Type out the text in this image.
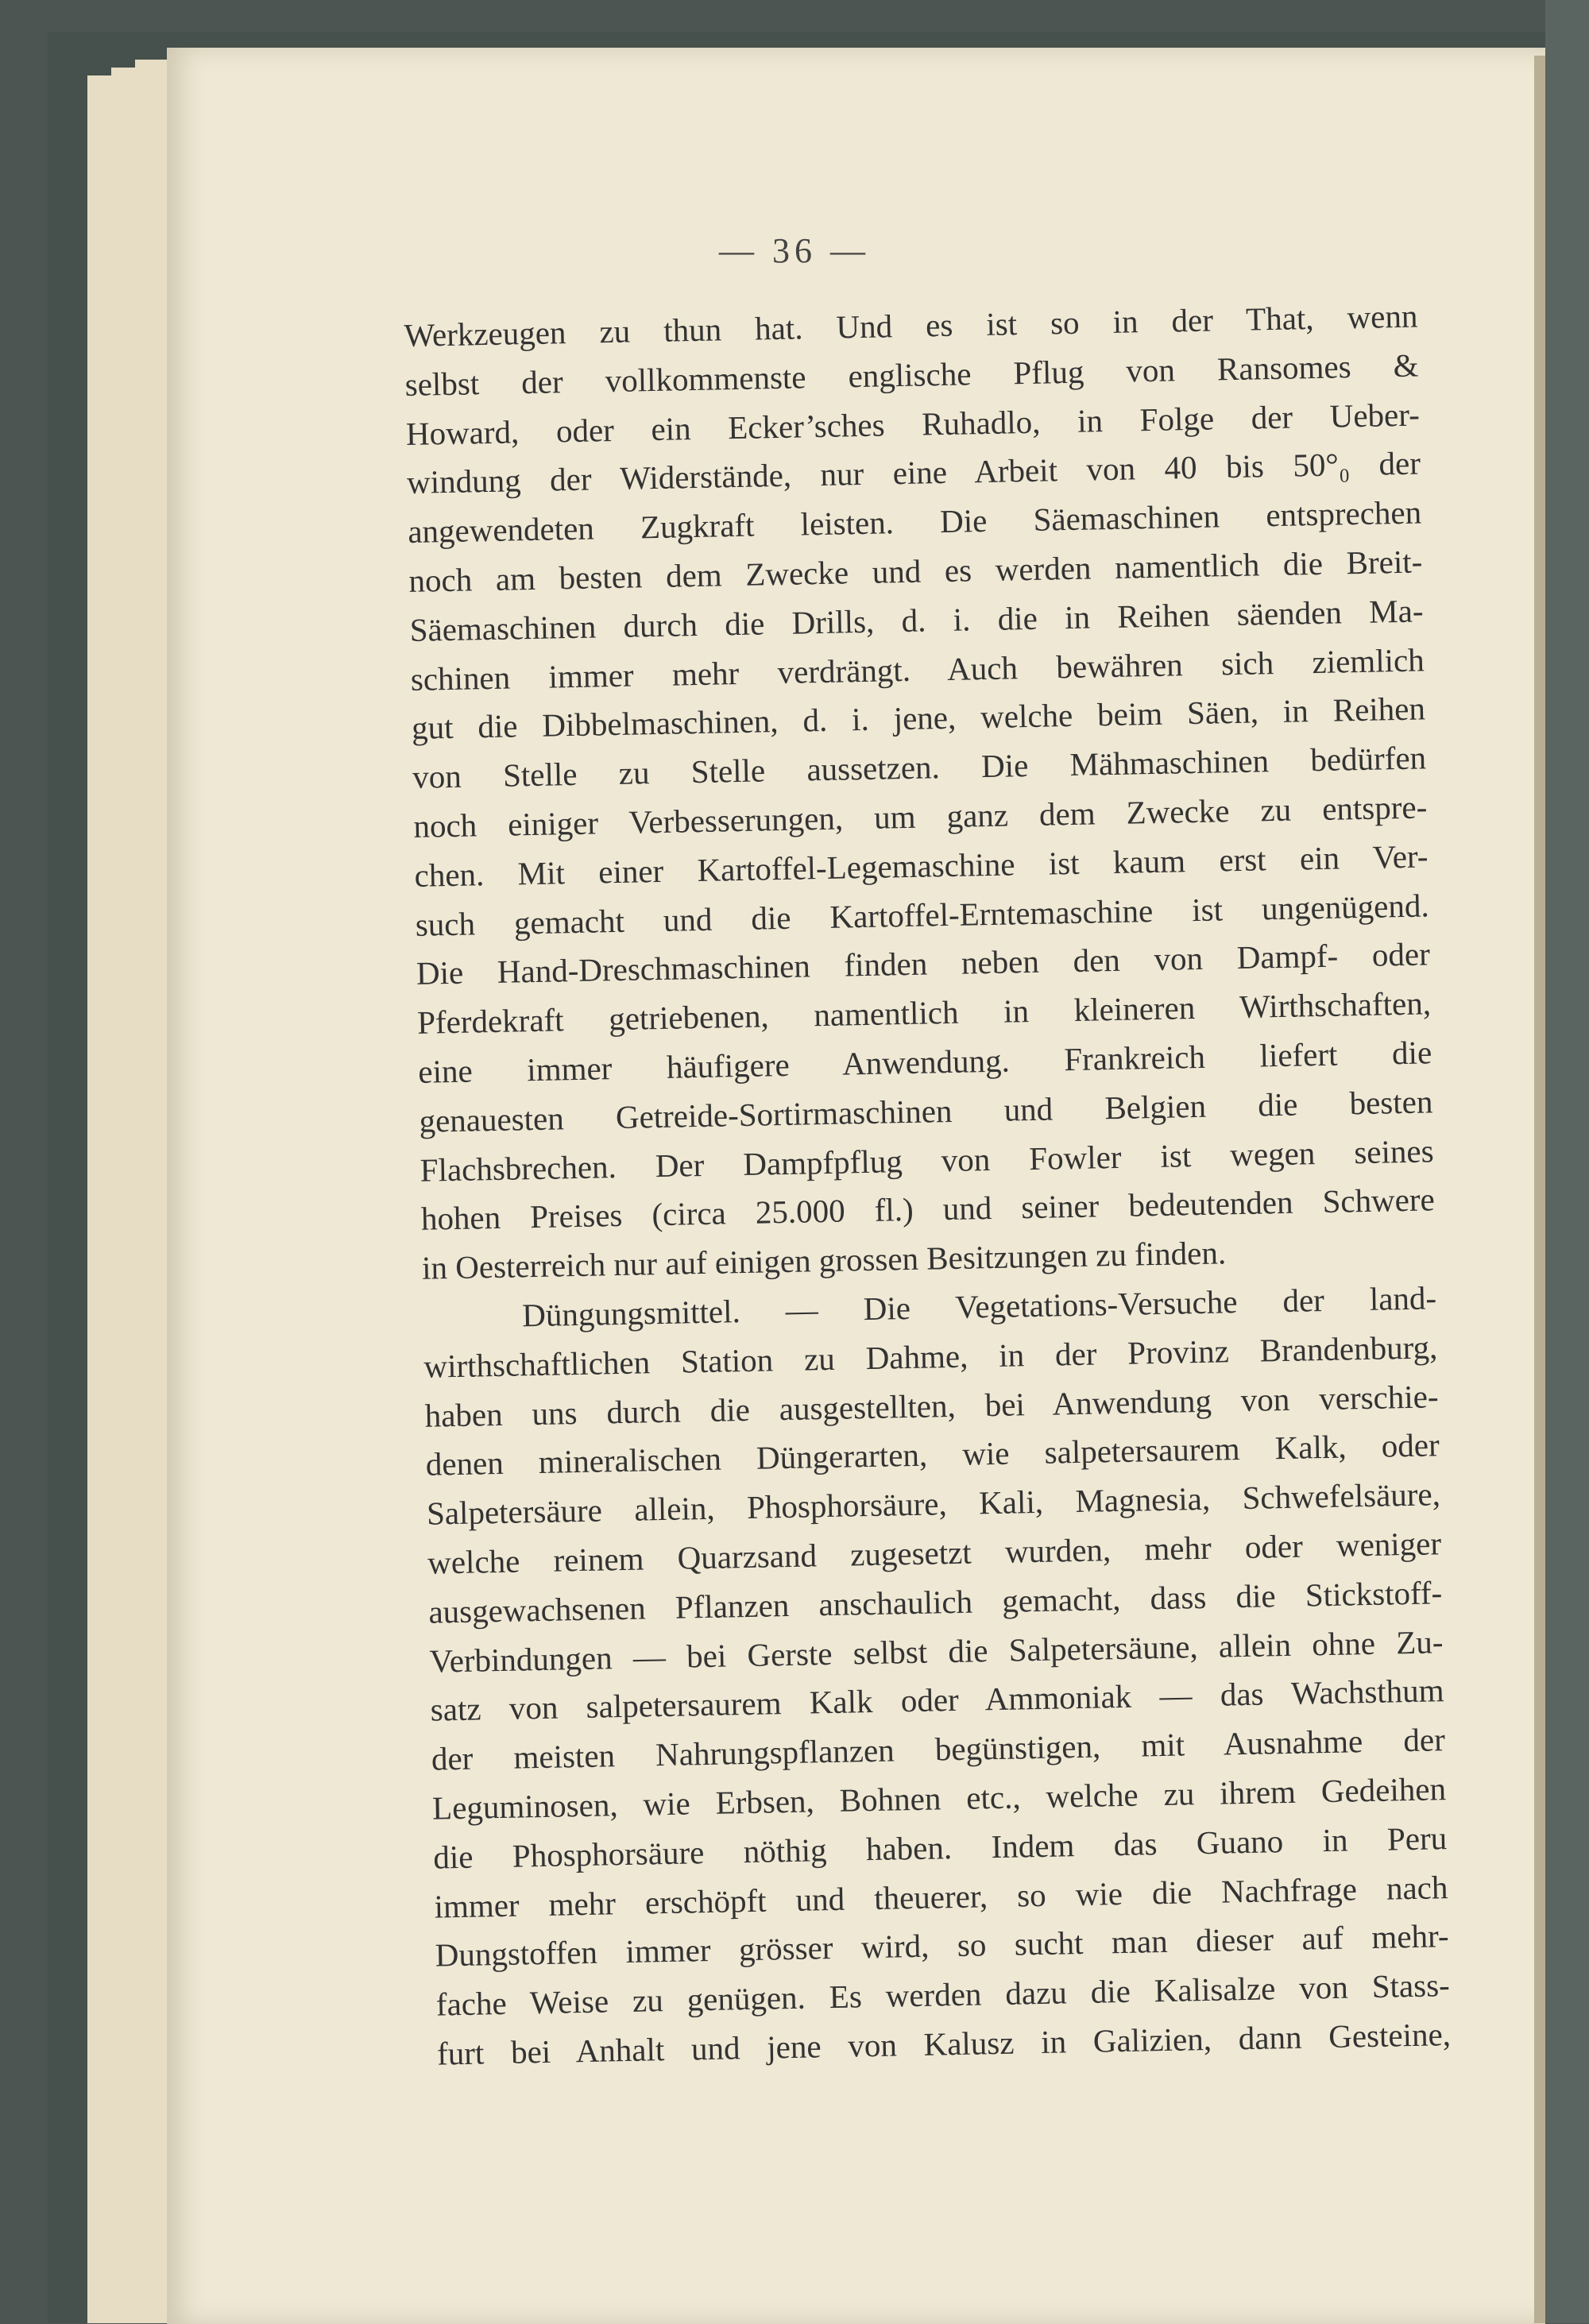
— 36 —
Werkzeugen zu thun hat. Und es ist so in der That, wenn
selbst der vollkommenste englische Pflug von Ransomes &
Howard, oder ein Ecker’sches Ruhadlo, in Folge der Ueber-
windung der Widerstände, nur eine Arbeit von 40 bis 50°₀ der
angewendeten Zugkraft leisten. Die Säemaschinen entsprechen
noch am besten dem Zwecke und es werden namentlich die Breit-
Säemaschinen durch die Drills, d. i. die in Reihen säenden Ma-
schinen immer mehr verdrängt. Auch bewähren sich ziemlich
gut die Dibbelmaschinen, d. i. jene, welche beim Säen, in Reihen
von Stelle zu Stelle aussetzen. Die Mähmaschinen bedürfen
noch einiger Verbesserungen, um ganz dem Zwecke zu entspre-
chen. Mit einer Kartoffel-Legemaschine ist kaum erst ein Ver-
such gemacht und die Kartoffel-Erntemaschine ist ungenügend.
Die Hand-Dreschmaschinen finden neben den von Dampf- oder
Pferdekraft getriebenen, namentlich in kleineren Wirthschaften,
eine immer häufigere Anwendung. Frankreich liefert die
genauesten Getreide-Sortirmaschinen und Belgien die besten
Flachsbrechen. Der Dampfpflug von Fowler ist wegen seines
hohen Preises (circa 25.000 fl.) und seiner bedeutenden Schwere
in Oesterreich nur auf einigen grossen Besitzungen zu finden.
Düngungsmittel. — Die Vegetations-Versuche der land-
wirthschaftlichen Station zu Dahme, in der Provinz Brandenburg,
haben uns durch die ausgestellten, bei Anwendung von verschie-
denen mineralischen Düngerarten, wie salpetersaurem Kalk, oder
Salpetersäure allein, Phosphorsäure, Kali, Magnesia, Schwefelsäure,
welche reinem Quarzsand zugesetzt wurden, mehr oder weniger
ausgewachsenen Pflanzen anschaulich gemacht, dass die Stickstoff-
Verbindungen — bei Gerste selbst die Salpetersäune, allein ohne Zu-
satz von salpetersaurem Kalk oder Ammoniak — das Wachsthum
der meisten Nahrungspflanzen begünstigen, mit Ausnahme der
Leguminosen, wie Erbsen, Bohnen etc., welche zu ihrem Gedeihen
die Phosphorsäure nöthig haben. Indem das Guano in Peru
immer mehr erschöpft und theuerer, so wie die Nachfrage nach
Dungstoffen immer grösser wird, so sucht man dieser auf mehr-
fache Weise zu genügen. Es werden dazu die Kalisalze von Stass-
furt bei Anhalt und jene von Kalusz in Galizien, dann Gesteine,
